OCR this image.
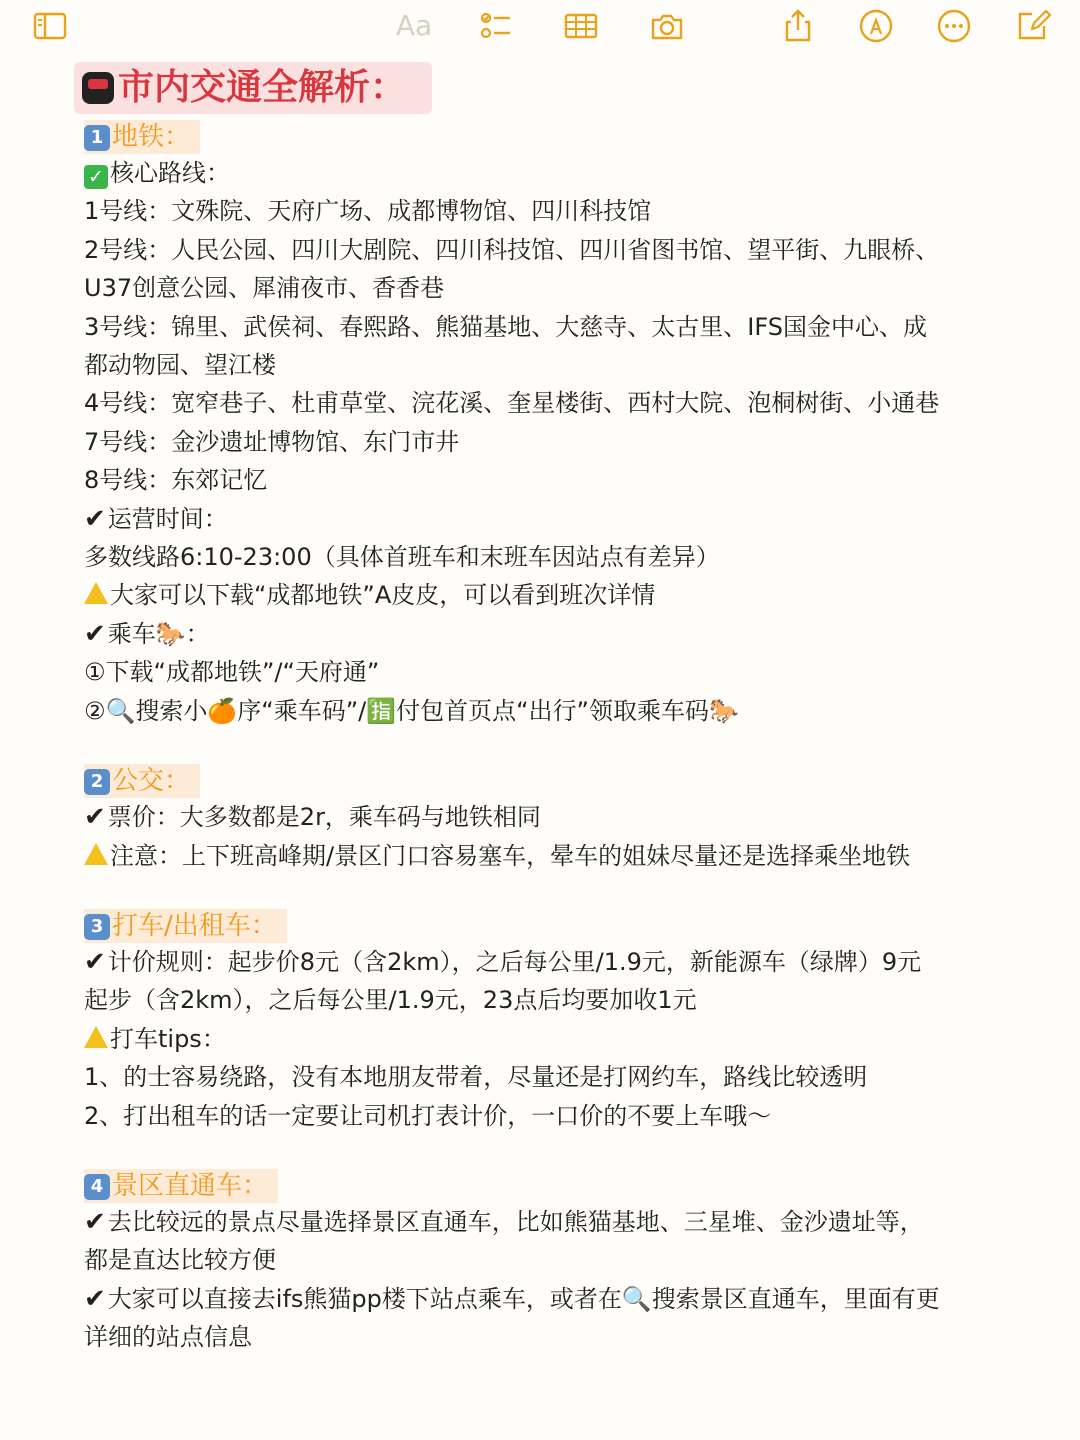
Aa
市内交通全解析：
1 地铁：
✓ 核心路线：
1号线：文殊院、天府广场、成都博物馆、四川科技馆
2号线：人民公园、四川大剧院、四川科技馆、四川省图书馆、望平街、九眼桥、
U37创意公园、犀浦夜市、香香巷
3号线：锦里、武侯祠、春熙路、熊猫基地、大慈寺、太古里、IFS国金中心、成
都动物园、望江楼
4号线：宽窄巷子、杜甫草堂、浣花溪、奎星楼街、西村大院、泡桐树街、小通巷
7号线：金沙遗址博物馆、东门市井
8号线：东郊记忆
✔运营时间：
多数线路6:10-23:00（具体首班车和末班车因站点有差异）
大家可以下载“成都地铁”A皮皮，可以看到班次详情
✔乘车🐎：
①下载“成都地铁”/“天府通”
②🔍搜索小🍊序“乘车码”/🈯付包首页点“出行”领取乘车码🐎
2 公交：
✔票价：大多数都是2r，乘车码与地铁相同
注意：上下班高峰期/景区门口容易塞车，晕车的姐妹尽量还是选择乘坐地铁
3 打车/出租车：
✔计价规则：起步价8元（含2km），之后每公里/1.9元，新能源车（绿牌）9元
起步（含2km），之后每公里/1.9元，23点后均要加收1元
打车tips：
1、的士容易绕路，没有本地朋友带着，尽量还是打网约车，路线比较透明
2、打出租车的话一定要让司机打表计价，一口价的不要上车哦～
4 景区直通车：
✔去比较远的景点尽量选择景区直通车，比如熊猫基地、三星堆、金沙遗址等，
都是直达比较方便
✔大家可以直接去ifs熊猫pp楼下站点乘车，或者在🔍搜索景区直通车，里面有更
详细的站点信息
